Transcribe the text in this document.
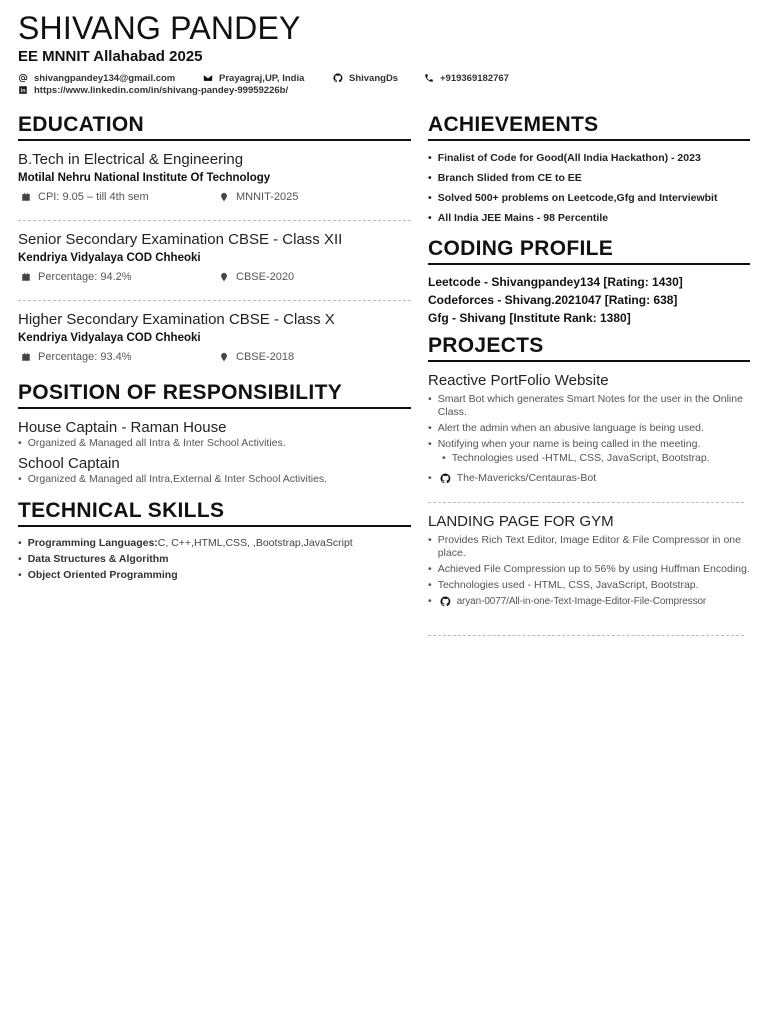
SHIVANG PANDEY
EE MNNIT Allahabad 2025
shivangpandey134@gmail.com	Prayagraj,UP, India	ShivangDs	+919369182767
https://www.linkedin.com/in/shivang-pandey-99959226b/
EDUCATION
B.Tech in Electrical & Engineering
Motilal Nehru National Institute Of Technology
CPI: 9.05 – till 4th sem	MNNIT-2025
Senior Secondary Examination CBSE - Class XII
Kendriya Vidyalaya COD Chheoki
Percentage: 94.2%	CBSE-2020
Higher Secondary Examination CBSE - Class X
Kendriya Vidyalaya COD Chheoki
Percentage: 93.4%	CBSE-2018
POSITION OF RESPONSIBILITY
House Captain - Raman House
• Organized & Managed all Intra & Inter School Activities.
School Captain
• Organized & Managed all Intra,External & Inter School Activities.
TECHNICAL SKILLS
• Programming Languages:C, C++,HTML,CSS, ,Bootstrap,JavaScript
• Data Structures & Algorithm
• Object Oriented Programming
ACHIEVEMENTS
• Finalist of Code for Good(All India Hackathon) - 2023
• Branch Slided from CE to EE
• Solved 500+ problems on Leetcode,Gfg and Interviewbit
• All India JEE Mains - 98 Percentile
CODING PROFILE
Leetcode - Shivangpandey134 [Rating: 1430]
Codeforces - Shivang.2021047 [Rating: 638]
Gfg - Shivang [Institute Rank: 1380]
PROJECTS
Reactive PortFolio Website
• Smart Bot which generates Smart Notes for the user in the Online Class.
• Alert the admin when an abusive language is being used.
• Notifying when your name is being called in the meeting.
• Technologies used -HTML, CSS, JavaScript, Bootstrap.
• The-Mavericks/Centauras-Bot
LANDING PAGE FOR GYM
• Provides Rich Text Editor, Image Editor & File Compressor in one place.
• Achieved File Compression up to 56% by using Huffman Encoding.
• Technologies used - HTML, CSS, JavaScript, Bootstrap.
• aryan-0077/All-in-one-Text-Image-Editor-File-Compressor
